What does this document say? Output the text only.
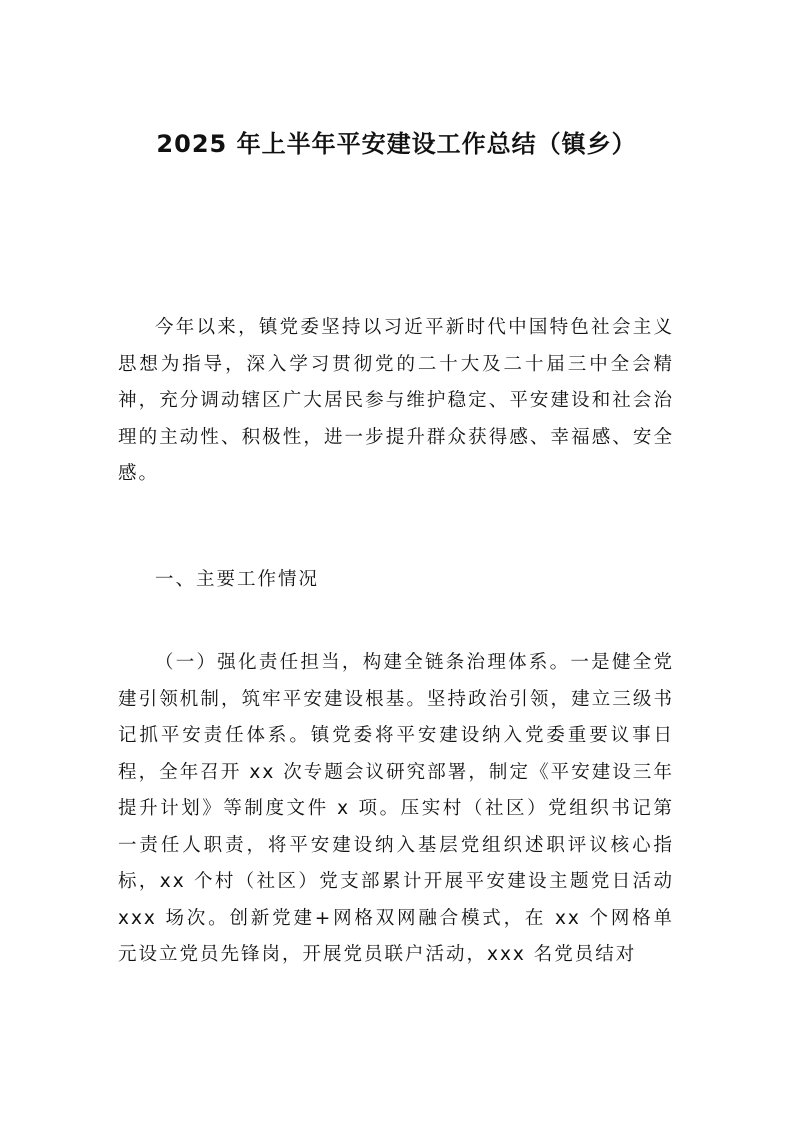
2025 年上半年平安建设工作总结（镇乡）

今年以来，镇党委坚持以习近平新时代中国特色社会主义思想为指导，深入学习贯彻党的二十大及二十届三中全会精神，充分调动辖区广大居民参与维护稳定、平安建设和社会治理的主动性、积极性，进一步提升群众获得感、幸福感、安全感。

一、主要工作情况

（一）强化责任担当，构建全链条治理体系。一是健全党建引领机制，筑牢平安建设根基。坚持政治引领，建立三级书记抓平安责任体系。镇党委将平安建设纳入党委重要议事日程，全年召开 xx 次专题会议研究部署，制定《平安建设三年提升计划》等制度文件 x 项。压实村（社区）党组织书记第一责任人职责，将平安建设纳入基层党组织述职评议核心指标，xx 个村（社区）党支部累计开展平安建设主题党日活动 xxx 场次。创新党建+网格双网融合模式，在 xx 个网格单元设立党员先锋岗，开展党员联户活动，xxx 名党员结对
